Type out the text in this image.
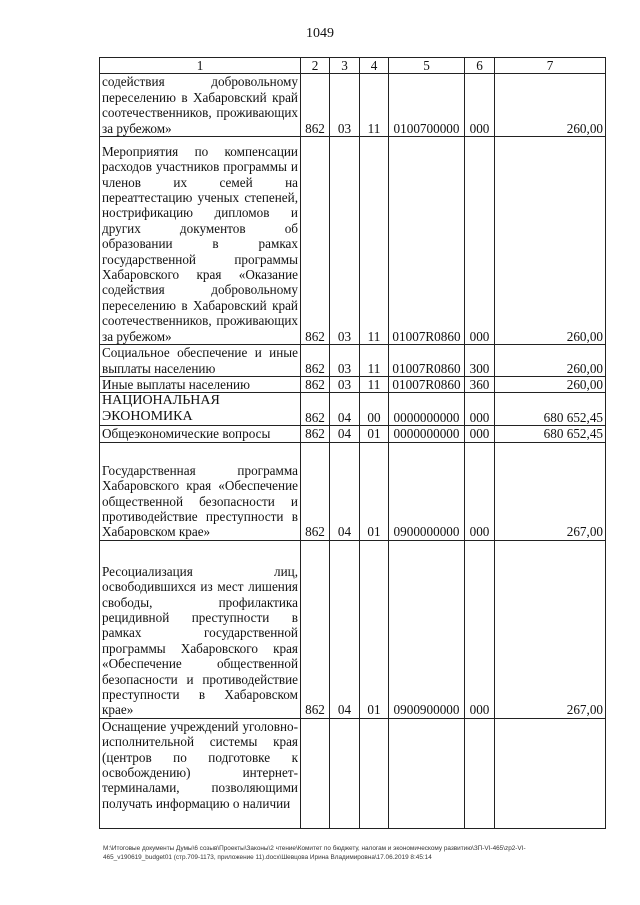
1049
1	2	3	4	5	6	7
содействия добровольному переселению в Хабаровский край соотечественников, проживающих за рубежом»	862	03	11	0100700000	000	260,00
Мероприятия по компенсации расходов участников программы и членов их семей на переаттестацию ученых степеней, нострификацию дипломов и других документов об образовании в рамках государственной программы Хабаровского края «Оказание содействия добровольному переселению в Хабаровский край соотечественников, проживающих за рубежом»	862	03	11	01007R0860	000	260,00
Социальное обеспечение и иные выплаты населению	862	03	11	01007R0860	300	260,00
Иные выплаты населению	862	03	11	01007R0860	360	260,00
НАЦИОНАЛЬНАЯ ЭКОНОМИКА	862	04	00	0000000000	000	680 652,45
Общеэкономические вопросы	862	04	01	0000000000	000	680 652,45
Государственная программа Хабаровского края «Обеспечение общественной безопасности и противодействие преступности в Хабаровском крае»	862	04	01	0900000000	000	267,00
Ресоциализация лиц, освободившихся из мест лишения свободы, профилактика рецидивной преступности в рамках государственной программы Хабаровского края «Обеспечение общественной безопасности и противодействие преступности в Хабаровском крае»	862	04	01	0900900000	000	267,00
Оснащение учреждений уголовно-исполнительной системы края (центров по подготовке к освобождению) интернет-терминалами, позволяющими получать информацию о наличии						
M:\Итоговые документы Думы\6 созыв\Проекты\Законы\2 чтение\Комитет по бюджету, налогам и экономическому развитию\ЗП-VI-465\zp2-VI-
465_v190619_budget01 (стр.709-1173, приложение 11).docx\Шевцова Ирина Владимировна\17.06.2019 8:45:14
